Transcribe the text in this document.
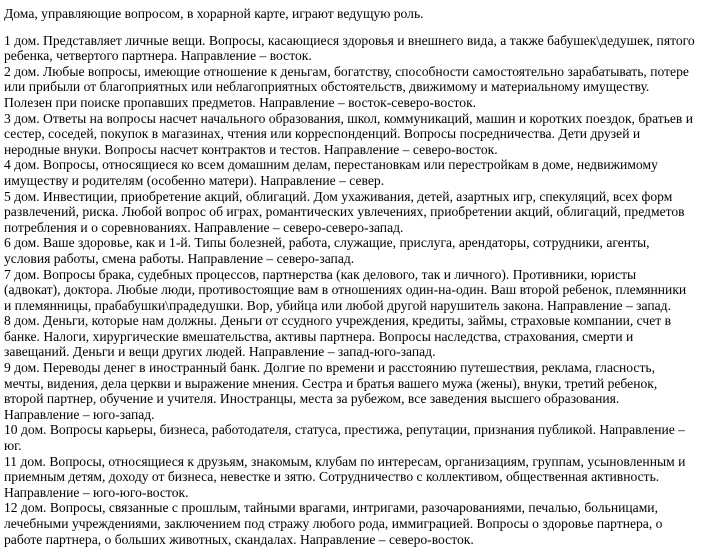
Дома, управляющие вопросом, в хорарной карте, играют ведущую роль.

1 дом. Представляет личные вещи. Вопросы, касающиеся здоровья и внешнего вида, а также бабушек\дедушек, пятого ребенка, четвертого партнера. Направление – восток.

2 дом. Любые вопросы, имеющие отношение к деньгам, богатству, способности самостоятельно зарабатывать, потере или прибыли от благоприятных или неблагоприятных обстоятельств, движимому и материальному имуществу. Полезен при поиске пропавших предметов. Направление – восток-северо-восток.

3 дом. Ответы на вопросы насчет начального образования, школ, коммуникаций, машин и коротких поездок, братьев и сестер, соседей, покупок в магазинах, чтения или корреспонденций. Вопросы посредничества. Дети друзей и неродные внуки. Вопросы насчет контрактов и тестов. Направление – северо-восток.

4 дом. Вопросы, относящиеся ко всем домашним делам, перестановкам или перестройкам в доме, недвижимому имуществу и родителям (особенно матери). Направление – север.

5 дом. Инвестиции, приобретение акций, облигаций. Дом ухаживания, детей, азартных игр, спекуляций, всех форм развлечений, риска. Любой вопрос об играх, романтических увлечениях, приобретении акций, облигаций, предметов потребления и о соревнованиях. Направление – северо-северо-запад.

6 дом. Ваше здоровье, как и 1-й. Типы болезней, работа, служащие, прислуга, арендаторы, сотрудники, агенты, условия работы, смена работы. Направление – северо-запад.

7 дом. Вопросы брака, судебных процессов, партнерства (как делового, так и личного). Противники, юристы (адвокат), доктора. Любые люди, противостоящие вам в отношениях один-на-один. Ваш второй ребенок, племянники и племянницы, прабабушки\прадедушки. Вор, убийца или любой другой нарушитель закона. Направление – запад.

8 дом. Деньги, которые нам должны. Деньги от ссудного учреждения, кредиты, займы, страховые компании, счет в банке. Налоги, хирургические вмешательства, активы партнера. Вопросы наследства, страхования, смерти и завещаний. Деньги и вещи других людей. Направление – запад-юго-запад.

9 дом. Переводы денег в иностранный банк. Долгие по времени и расстоянию путешествия, реклама, гласность, мечты, видения, дела церкви и выражение мнения. Сестра и братья вашего мужа (жены), внуки, третий ребенок, второй партнер, обучение и учителя. Иностранцы, места за рубежом, все заведения высшего образования. Направление – юго-запад.

10 дом. Вопросы карьеры, бизнеса, работодателя, статуса, престижа, репутации, признания публикой. Направление – юг.

11 дом. Вопросы, относящиеся к друзьям, знакомым, клубам по интересам, организациям, группам, усыновленным и приемным детям, доходу от бизнеса, невестке и зятю. Сотрудничество с коллективом, общественная активность. Направление – юго-юго-восток.

12 дом. Вопросы, связанные с прошлым, тайными врагами, интригами, разочарованиями, печалью, больницами, лечебными учреждениями, заключением под стражу любого рода, иммиграцией. Вопросы о здоровье партнера, о работе партнера, о больших животных, скандалах. Направление – северо-восток.
